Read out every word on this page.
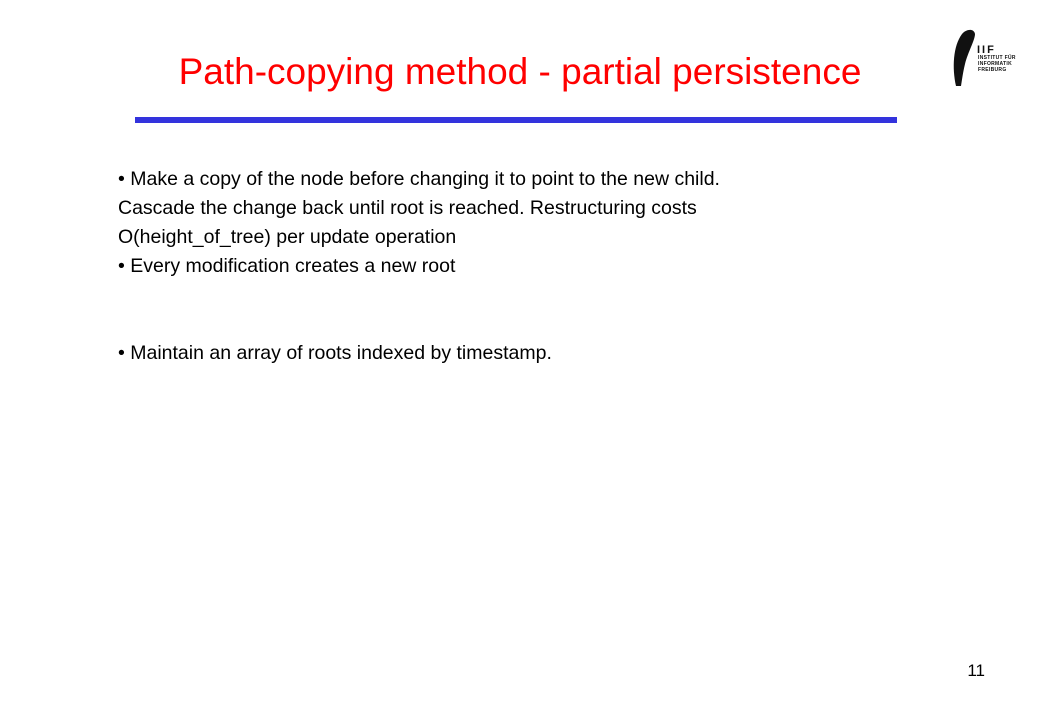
IIF
INSTITUT FÜR
INFORMATIK
FREIBURG
Path-copying method - partial persistence
• Make a copy of the node before changing it to point to the new child.
Cascade the change back until root is reached. Restructuring costs
O(height_of_tree) per update operation
• Every modification creates a new root
• Maintain an array of roots indexed by timestamp.
11
